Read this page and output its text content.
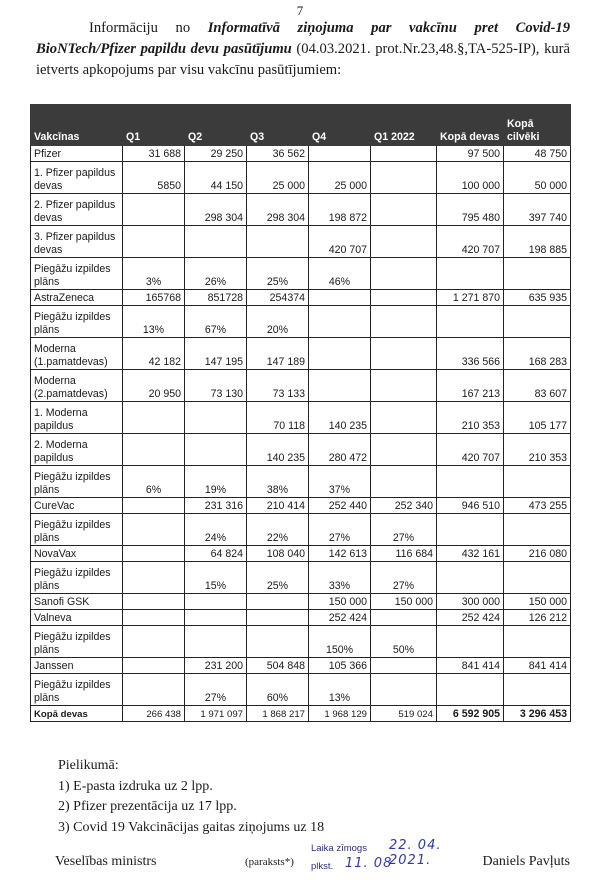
7
Informāciju no Informatīvā ziņojuma par vakcīnu pret Covid-19 BioNTech/Pfizer papildu devu pasūtījumu (04.03.2021. prot.Nr.23,48.§,TA-525-IP), kurā ietverts apkopojums par visu vakcīnu pasūtījumiem:
Vakcīnas	Q1	Q2	Q3	Q4	Q1 2022	Kopā devas	Kopā cilvēki
Pfizer	31 688	29 250	36 562			97 500	48 750
1. Pfizer papildus devas	5850	44 150	25 000	25 000		100 000	50 000
2. Pfizer papildus devas		298 304	298 304	198 872		795 480	397 740
3. Pfizer papildus devas				420 707		420 707	198 885
Piegāžu izpildes plāns	3%	26%	25%	46%			
AstraZeneca	165768	851728	254374			1 271 870	635 935
Piegāžu izpildes plāns	13%	67%	20%				
Moderna (1.pamatdevas)	42 182	147 195	147 189			336 566	168 283
Moderna (2.pamatdevas)	20 950	73 130	73 133			167 213	83 607
1. Moderna papildus			70 118	140 235		210 353	105 177
2. Moderna papildus			140 235	280 472		420 707	210 353
Piegāžu izpildes plāns	6%	19%	38%	37%			
CureVac		231 316	210 414	252 440	252 340	946 510	473 255
Piegāžu izpildes plāns		24%	22%	27%	27%		
NovaVax		64 824	108 040	142 613	116 684	432 161	216 080
Piegāžu izpildes plāns		15%	25%	33%	27%		
Sanofi GSK				150 000	150 000	300 000	150 000
Valneva				252 424		252 424	126 212
Piegāžu izpildes plāns				150%	50%		
Janssen		231 200	504 848	105 366		841 414	841 414
Piegāžu izpildes plāns		27%	60%	13%			
Kopā devas	266 438	1 971 097	1 868 217	1 968 129	519 024	6 592 905	3 296 453
Pielikumā:
1) E-pasta izdruka uz 2 lpp.
2) Pfizer prezentācija uz 17 lpp.
3) Covid 19 Vakcinācijas gaitas ziņojums uz 18
Veselības ministrs	(paraksts*)
Laika zīmogs 22. 04. 2021.
plkst. 11. 08	Daniels Pavļuts
